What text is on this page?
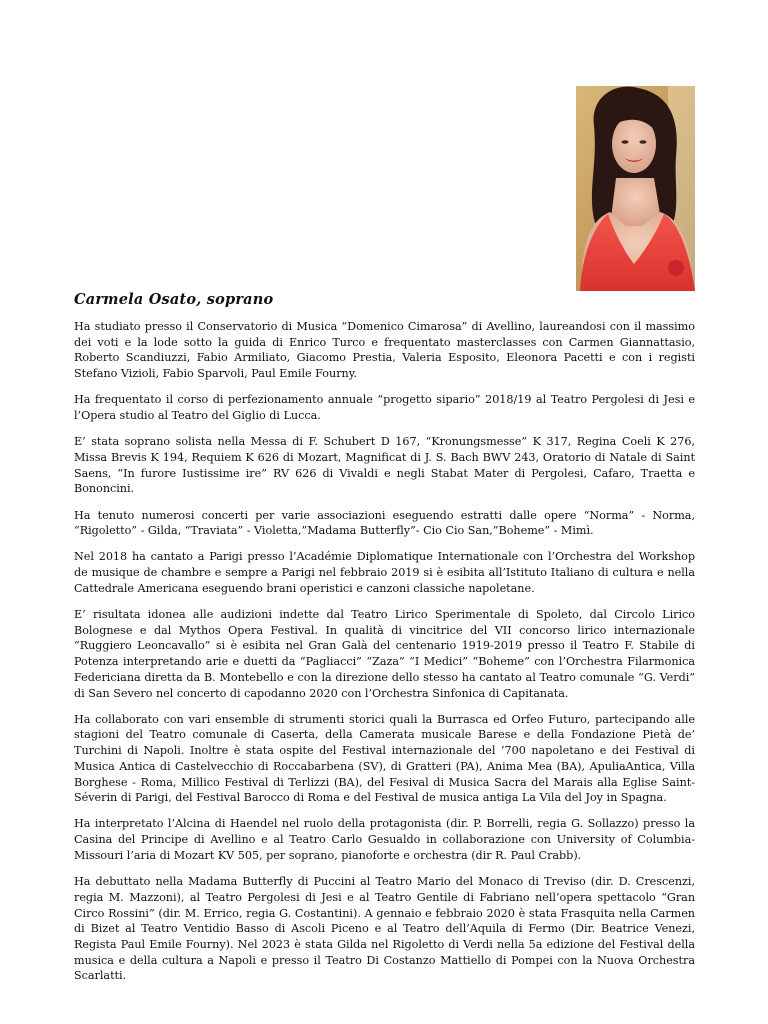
Carmela Osato, soprano

Ha studiato presso il Conservatorio di Musica “Domenico Cimarosa” di Avellino, laureandosi con il massimo dei voti e la lode sotto la guida di Enrico Turco e frequentato masterclasses con Carmen Giannattasio, Roberto Scandiuzzi, Fabio Armiliato, Giacomo Prestia, Valeria Esposito, Eleonora Pacetti e con i registi Stefano Vizioli, Fabio Sparvoli, Paul Emile Fourny.

Ha frequentato il corso di perfezionamento annuale “progetto sipario” 2018/19 al Teatro Pergolesi di Jesi e l’Opera studio al Teatro del Giglio di Lucca.

E’ stata soprano solista nella Messa di F. Schubert D 167, “Kronungsmesse” K 317, Regina Coeli K 276, Missa Brevis K 194, Requiem K 626 di Mozart, Magnificat di J. S. Bach BWV 243, Oratorio di Natale di Saint Saens, “In furore Iustissime ire” RV 626 di Vivaldi e negli Stabat Mater di Pergolesi, Cafaro, Traetta e Bononcini.

Ha tenuto numerosi concerti per varie associazioni eseguendo estratti dalle opere “Norma” - Norma, “Rigoletto” - Gilda, “Traviata” - Violetta,”Madama Butterfly”- Cio Cio San,”Boheme” - Mimì.

Nel 2018 ha cantato a Parigi presso l’Académie Diplomatique Internationale con l’Orchestra del Workshop de musique de chambre e sempre a Parigi nel febbraio 2019 si è esibita all’Istituto Italiano di cultura e nella Cattedrale Americana eseguendo brani operistici e canzoni classiche napoletane.

E’ risultata idonea alle audizioni indette dal Teatro Lirico Sperimentale di Spoleto, dal Circolo Lirico Bolognese e dal Mythos Opera Festival. In qualità di vincitrice del VII concorso lirico internazionale “Ruggiero Leoncavallo” si è esibita nel Gran Galà del centenario 1919-2019 presso il Teatro F. Stabile di Potenza interpretando arie e duetti da “Pagliacci” “Zaza” “I Medici” “Boheme” con l’Orchestra Filarmonica Federiciana diretta da B. Montebello e con la direzione dello stesso ha cantato al Teatro comunale “G. Verdi” di San Severo nel concerto di capodanno 2020 con l’Orchestra Sinfonica di Capitanata.

Ha collaborato con vari ensemble di strumenti storici quali la Burrasca ed Orfeo Futuro, partecipando alle stagioni del Teatro comunale di Caserta, della Camerata musicale Barese e della Fondazione Pietà de’ Turchini di Napoli. Inoltre è stata ospite del Festival internazionale del ’700 napoletano e dei Festival di Musica Antica di Castelvecchio di Roccabarbena (SV), di Gratteri (PA), Anima Mea (BA), ApuliaAntica, Villa Borghese - Roma, Millico Festival di Terlizzi (BA), del Fesival di Musica Sacra del Marais alla Eglise Saint-Séverin di Parigi, del Festival Barocco di Roma e del Festival de musica antiga La Vila del Joy in Spagna.

Ha interpretato l’Alcina di Haendel nel ruolo della protagonista (dir. P. Borrelli, regia G. Sollazzo) presso la Casina del Principe di Avellino e al Teatro Carlo Gesualdo in collaborazione con University of Columbia- Missouri l’aria di Mozart KV 505, per soprano, pianoforte e orchestra (dir R. Paul Crabb).

Ha debuttato nella Madama Butterfly di Puccini al Teatro Mario del Monaco di Treviso (dir. D. Crescenzi, regia M. Mazzoni), al Teatro Pergolesi di Jesi e al Teatro Gentile di Fabriano nell’opera spettacolo “Gran Circo Rossini” (dir. M. Errico, regia G. Costantini). A gennaio e febbraio 2020 è stata Frasquita nella Carmen di Bizet al Teatro Ventidio Basso di Ascoli Piceno e al Teatro dell’Aquila di Fermo (Dir. Beatrice Venezi, Regista Paul Emile Fourny). Nel 2023 è stata Gilda nel Rigoletto di Verdi nella 5a edizione del Festival della musica e della cultura a Napoli e presso il Teatro Di Costanzo Mattiello di Pompei con la Nuova Orchestra Scarlatti.
